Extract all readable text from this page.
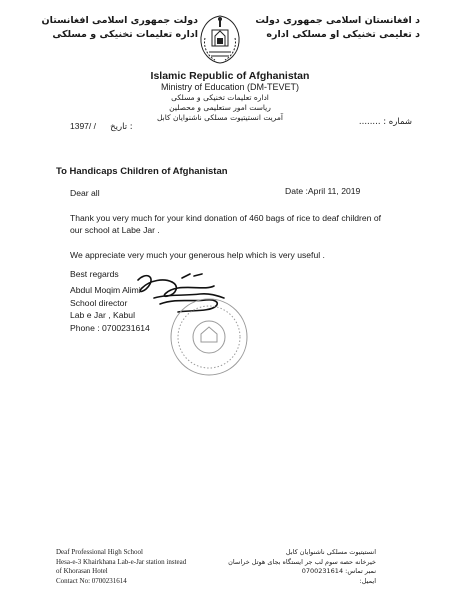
دولت جمهوری اسلامی افغانستان
اداره تعلیمات تخنیکی و مسلکی
د افغانستان اسلامی جمهوری دولت
د تعلیمی تخنیکی او مسلکی اداره
Islamic Republic of Afghanistan
Ministry of Education (DM-TEVET)
اداره تعلیمات تخنیکی و مسلکی
ریاست امور ستعلیمی و محصلین
آمریت انستیتیوت مسلکی ناشنوایان کابل
1397/ / تاریخ :	شماره : ........
To Handicaps Children of Afghanistan
Dear all	Date :April 11, 2019
Thank you very much for your kind donation of 460 bags of rice to deaf children of
our school at Labe Jar .
We appreciate very much your generous help which is very useful .
Best regards
Abdul Moqim Alimi
School director
Lab e Jar , Kabul
Phone : 0700231614
Deaf Professional High School
Hesa-e-3 Khairkhana Lab-e-Jar station instead
of Khorasan Hotel
Contact No: 0700231614
انستیتیوت مسلکی ناشنوایان کابل
خیرخانه حصه سوم لب جر ایستگاه بجای هوتل خراسان
نمبر تماس: 0700231614
ایمیل:
